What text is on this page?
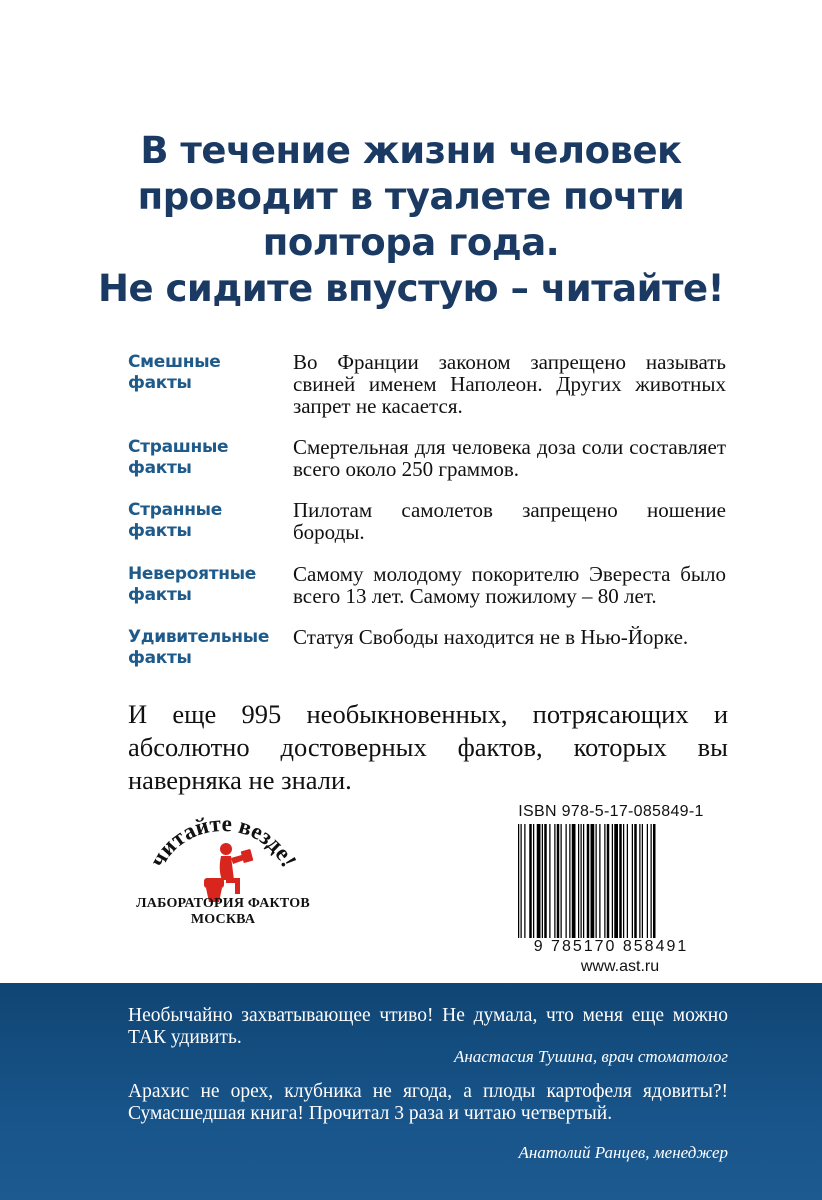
В течение жизни человек
проводит в туалете почти
полтора года.
Не сидите впустую – читайте!
Смешные
факты
Во Франции законом запрещено называть свиней именем Наполеон. Других животных запрет не касается.
Страшные
факты
Смертельная для человека доза соли составляет всего около 250 граммов.
Странные
факты
Пилотам самолетов запрещено ношение бороды.
Невероятные
факты
Самому молодому покорителю Эвереста было всего 13 лет. Самому пожилому – 80 лет.
Удивительные
факты
Статуя Свободы находится не в Нью-Йорке.
И еще 995 необыкновенных, потрясающих и абсолютно достоверных фактов, которых вы наверняка не знали.
читайте везде!
ЛАБОРАТОРИЯ ФАКТОВ
МОСКВА
ISBN 978-5-17-085849-1
9 785170 858491
www.ast.ru
Необычайно захватывающее чтиво! Не думала, что меня еще можно ТАК удивить.
Анастасия Тушина, врач стоматолог
Арахис не орех, клубника не ягода, а плоды картофеля ядовиты?! Сумасшедшая книга! Прочитал 3 раза и читаю четвертый.
Анатолий Ранцев, менеджер
